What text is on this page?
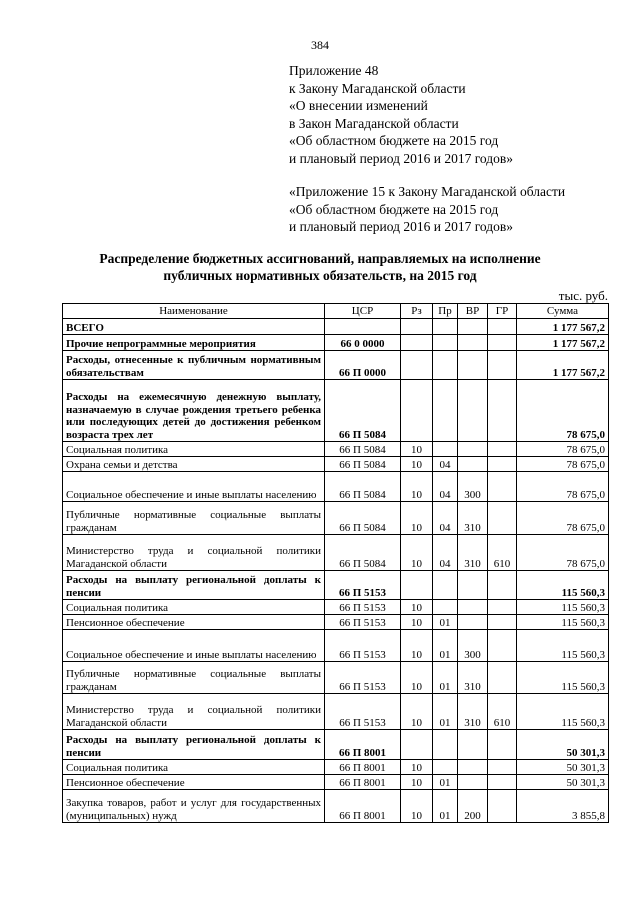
384
Приложение 48
к Закону Магаданской области
«О внесении изменений
в Закон Магаданской области
«Об областном бюджете на 2015 год
и плановый период 2016 и 2017 годов»
«Приложение 15 к Закону Магаданской области
«Об областном бюджете на 2015 год
и плановый период 2016 и 2017 годов»
Распределение бюджетных ассигнований, направляемых на исполнение
публичных нормативных обязательств, на 2015 год
тыс. руб.
Наименование	ЦСР	Рз	Пр	ВР	ГР	Сумма
ВСЕГО						1 177 567,2
Прочие непрограммные мероприятия	66 0 0000					1 177 567,2
Расходы, отнесенные к публичным нормативным обязательствам	66 П 0000					1 177 567,2
Расходы на ежемесячную денежную выплату, назначаемую в случае рождения третьего ребенка или последующих детей до достижения ребенком возраста трех лет	66 П 5084					78 675,0
Социальная политика	66 П 5084	10				78 675,0
Охрана семьи и детства	66 П 5084	10	04			78 675,0
Социальное обеспечение и иные выплаты населению	66 П 5084	10	04	300		78 675,0
Публичные нормативные социальные выплаты гражданам	66 П 5084	10	04	310		78 675,0
Министерство труда и социальной политики Магаданской области	66 П 5084	10	04	310	610	78 675,0
Расходы на выплату региональной доплаты к пенсии	66 П 5153					115 560,3
Социальная политика	66 П 5153	10				115 560,3
Пенсионное обеспечение	66 П 5153	10	01			115 560,3
Социальное обеспечение и иные выплаты населению	66 П 5153	10	01	300		115 560,3
Публичные нормативные социальные выплаты гражданам	66 П 5153	10	01	310		115 560,3
Министерство труда и социальной политики Магаданской области	66 П 5153	10	01	310	610	115 560,3
Расходы на выплату региональной доплаты к пенсии	66 П 8001					50 301,3
Социальная политика	66 П 8001	10				50 301,3
Пенсионное обеспечение	66 П 8001	10	01			50 301,3
Закупка товаров, работ и услуг для государственных (муниципальных) нужд	66 П 8001	10	01	200		3 855,8
